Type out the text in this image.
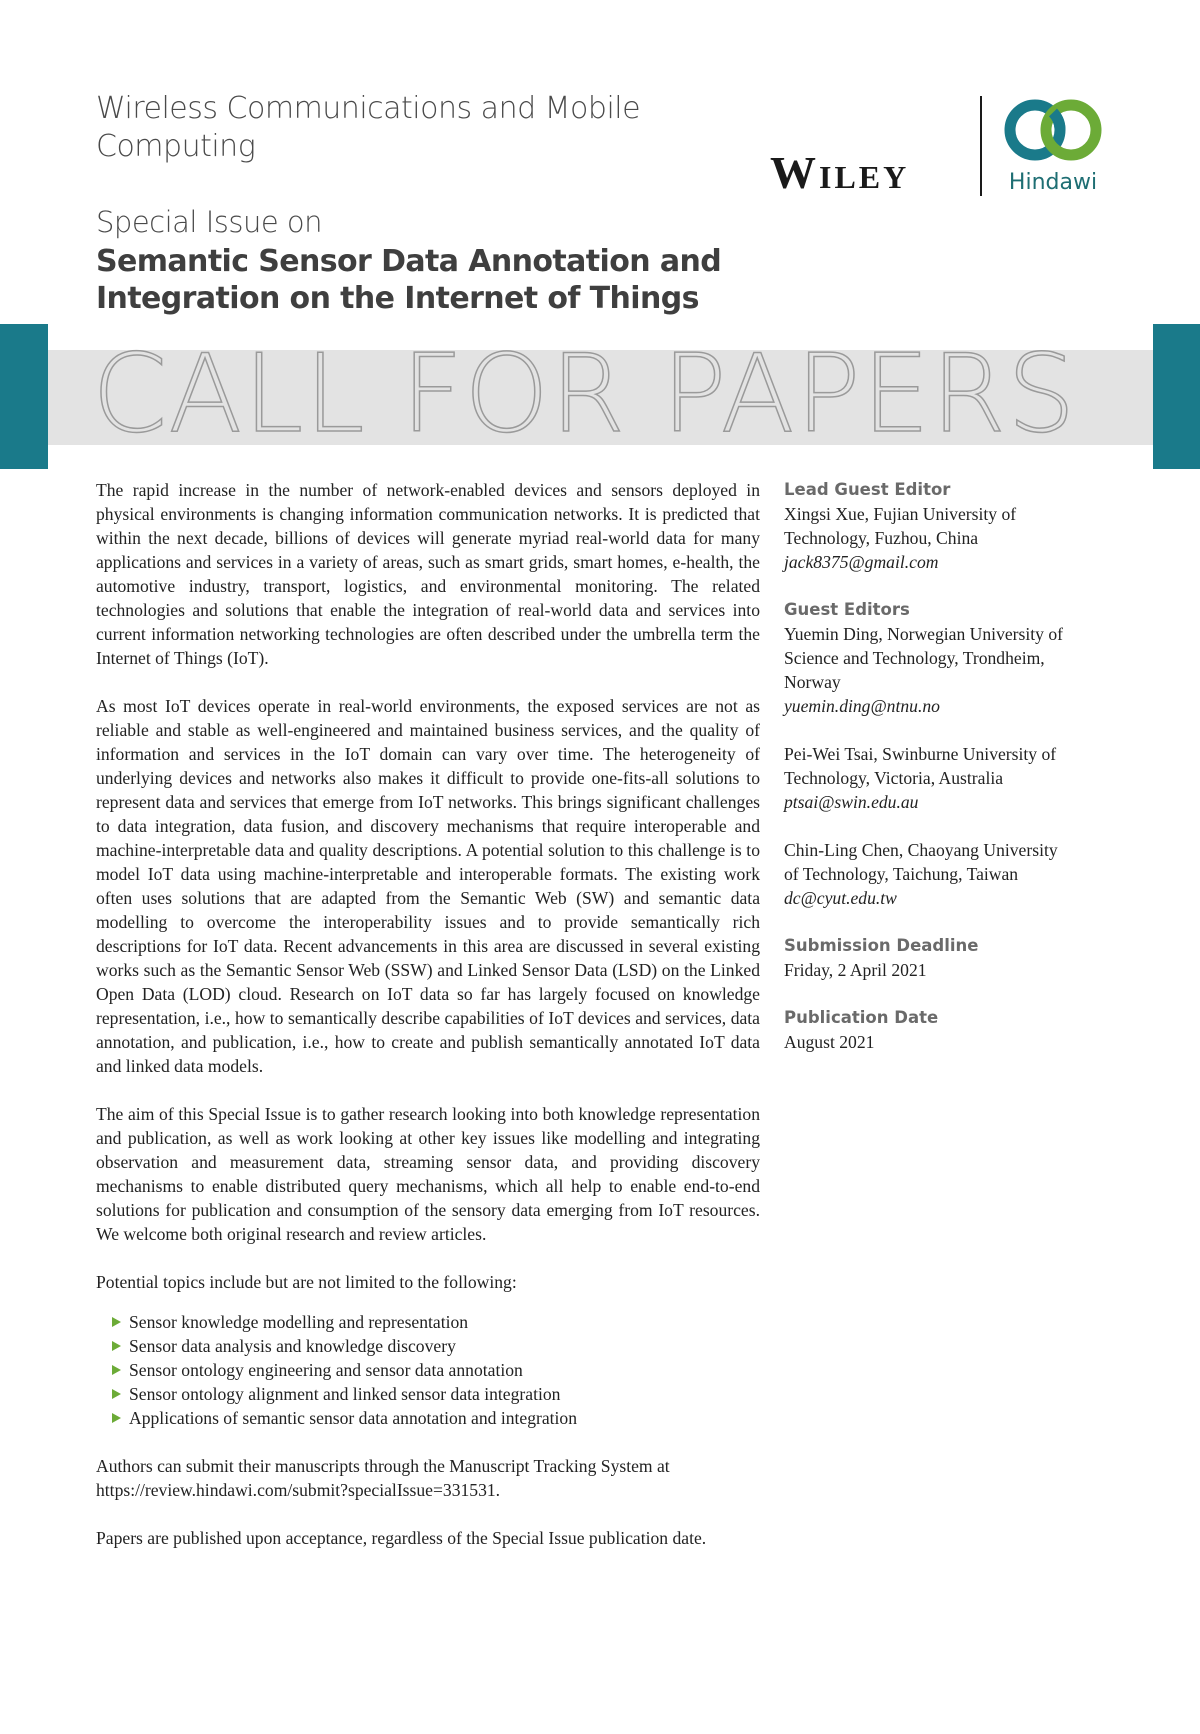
Wireless Communications and Mobile
Computing
Wiley	Hindawi
Special Issue on
Semantic Sensor Data Annotation and
Integration on the Internet of Things
CALL FOR PAPERS

The rapid increase in the number of network-enabled devices and sensors deployed in physical environments is changing information communication networks. It is predicted that within the next decade, billions of devices will generate myriad real-world data for many applications and services in a variety of areas, such as smart grids, smart homes, e-health, the automotive industry, transport, logistics, and environmental monitoring. The related technologies and solutions that enable the integration of real-world data and services into current information networking technologies are often described under the umbrella term the Internet of Things (IoT).

As most IoT devices operate in real-world environments, the exposed services are not as reliable and stable as well-engineered and maintained business services, and the quality of information and services in the IoT domain can vary over time. The heterogeneity of underlying devices and networks also makes it difficult to provide one-fits-all solutions to represent data and services that emerge from IoT networks. This brings significant challenges to data integration, data fusion, and discovery mechanisms that require interoperable and machine-interpretable data and quality descriptions. A potential solution to this challenge is to model IoT data using machine-interpretable and interoperable formats. The existing work often uses solutions that are adapted from the Semantic Web (SW) and semantic data modelling to overcome the interoperability issues and to provide semantically rich descriptions for IoT data. Recent advancements in this area are discussed in several existing works such as the Semantic Sensor Web (SSW) and Linked Sensor Data (LSD) on the Linked Open Data (LOD) cloud. Research on IoT data so far has largely focused on knowledge representation, i.e., how to semantically describe capabilities of IoT devices and services, data annotation, and publication, i.e., how to create and publish semantically annotated IoT data and linked data models.

The aim of this Special Issue is to gather research looking into both knowledge representation and publication, as well as work looking at other key issues like modelling and integrating observation and measurement data, streaming sensor data, and providing discovery mechanisms to enable distributed query mechanisms, which all help to enable end-to-end solutions for publication and consumption of the sensory data emerging from IoT resources. We welcome both original research and review articles.

Potential topics include but are not limited to the following:

Sensor knowledge modelling and representation
Sensor data analysis and knowledge discovery
Sensor ontology engineering and sensor data annotation
Sensor ontology alignment and linked sensor data integration
Applications of semantic sensor data annotation and integration

Authors can submit their manuscripts through the Manuscript Tracking System at
https://review.hindawi.com/submit?specialIssue=331531.

Papers are published upon acceptance, regardless of the Special Issue publication date.

Lead Guest Editor
Xingsi Xue, Fujian University of
Technology, Fuzhou, China
jack8375@gmail.com
Guest Editors
Yuemin Ding, Norwegian University of
Science and Technology, Trondheim,
Norway
yuemin.ding@ntnu.no
Pei-Wei Tsai, Swinburne University of
Technology, Victoria, Australia
ptsai@swin.edu.au
Chin-Ling Chen, Chaoyang University
of Technology, Taichung, Taiwan
dc@cyut.edu.tw
Submission Deadline
Friday, 2 April 2021
Publication Date
August 2021
